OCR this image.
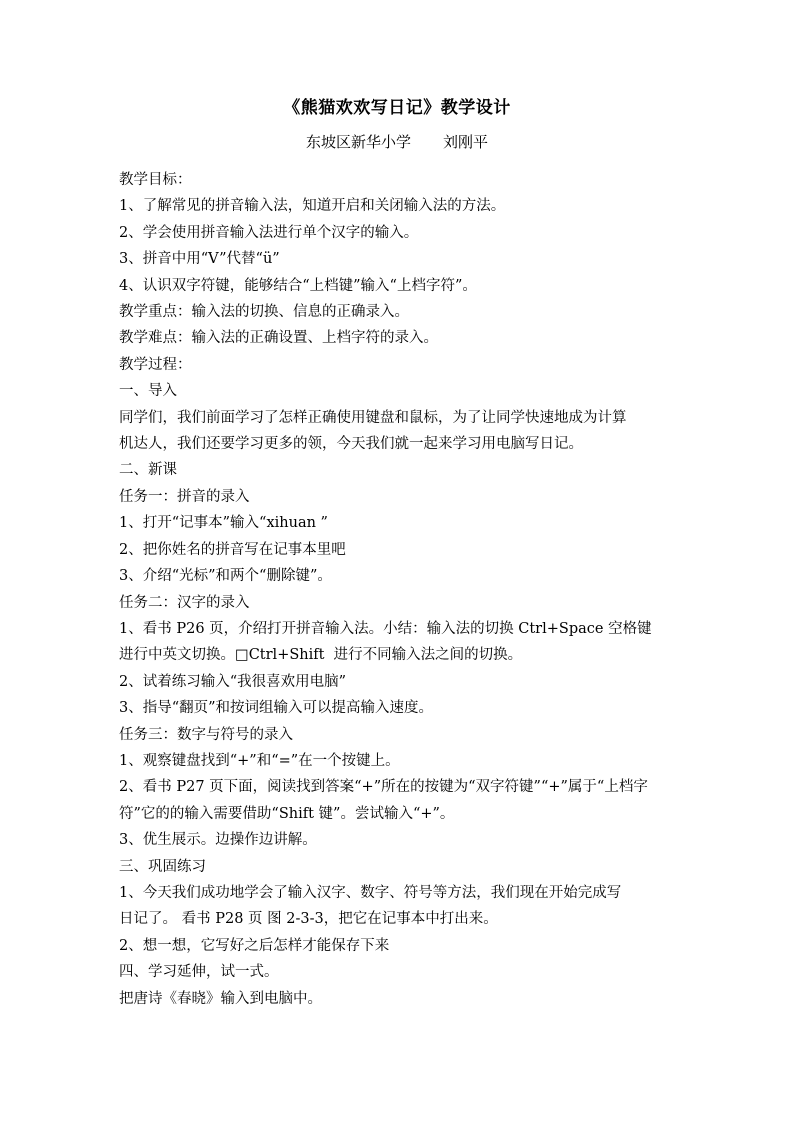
《熊猫欢欢写日记》教学设计
东坡区新华小学 刘刚平

教学目标：

1、了解常见的拼音输入法，知道开启和关闭输入法的方法。

2、学会使用拼音输入法进行单个汉字的输入。

3、拼音中用“V”代替“ü”

4、认识双字符键，能够结合“上档键”输入“上档字符”。

教学重点：输入法的切换、信息的正确录入。

教学难点：输入法的正确设置、上档字符的录入。

教学过程：

一、导入

同学们，我们前面学习了怎样正确使用键盘和鼠标，为了让同学快速地成为计算

机达人，我们还要学习更多的领，今天我们就一起来学习用电脑写日记。

二、新课

任务一：拼音的录入

1、打开“记事本”输入“xihuan ”

2、把你姓名的拼音写在记事本里吧

3、介绍“光标”和两个“删除键”。

任务二：汉字的录入

1、看书 P26 页，介绍打开拼音输入法。小结：输入法的切换 Ctrl+Space 空格键

进行中英文切换。□Ctrl+Shift  进行不同输入法之间的切换。

2、试着练习输入“我很喜欢用电脑”

3、指导“翻页”和按词组输入可以提高输入速度。

任务三：数字与符号的录入

1、观察键盘找到“+”和“=”在一个按键上。

2、看书 P27 页下面，阅读找到答案“+”所在的按键为“双字符键”“+”属于“上档字

符”它的的输入需要借助“Shift 键”。尝试输入“+”。

3、优生展示。边操作边讲解。

三、巩固练习

1、今天我们成功地学会了输入汉字、数字、符号等方法，我们现在开始完成写

日记了。 看书 P28 页 图 2-3-3，把它在记事本中打出来。

2、想一想，它写好之后怎样才能保存下来

四、学习延伸，试一式。

把唐诗《春晓》输入到电脑中。
